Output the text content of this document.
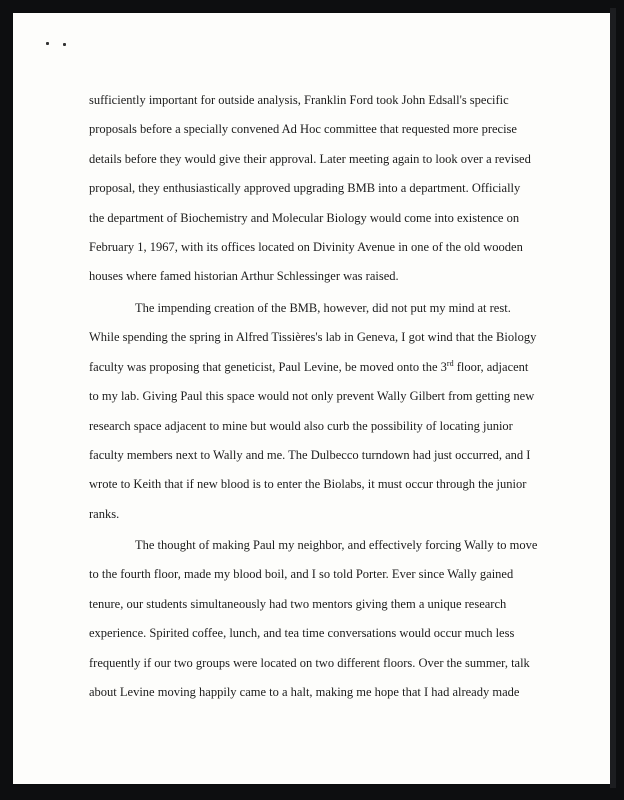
sufficiently important for outside analysis, Franklin Ford took John Edsall's specific
proposals before a specially convened Ad Hoc committee that requested more precise
details before they would give their approval. Later meeting again to look over a revised
proposal, they enthusiastically approved upgrading BMB into a department. Officially
the department of Biochemistry and Molecular Biology would come into existence on
February 1, 1967, with its offices located on Divinity Avenue in one of the old wooden
houses where famed historian Arthur Schlessinger was raised.
The impending creation of the BMB, however, did not put my mind at rest.
While spending the spring in Alfred Tissières's lab in Geneva, I got wind that the Biology
faculty was proposing that geneticist, Paul Levine, be moved onto the 3rd floor, adjacent
to my lab. Giving Paul this space would not only prevent Wally Gilbert from getting new
research space adjacent to mine but would also curb the possibility of locating junior
faculty members next to Wally and me. The Dulbecco turndown had just occurred, and I
wrote to Keith that if new blood is to enter the Biolabs, it must occur through the junior
ranks.
The thought of making Paul my neighbor, and effectively forcing Wally to move
to the fourth floor, made my blood boil, and I so told Porter. Ever since Wally gained
tenure, our students simultaneously had two mentors giving them a unique research
experience. Spirited coffee, lunch, and tea time conversations would occur much less
frequently if our two groups were located on two different floors. Over the summer, talk
about Levine moving happily came to a halt, making me hope that I had already made
